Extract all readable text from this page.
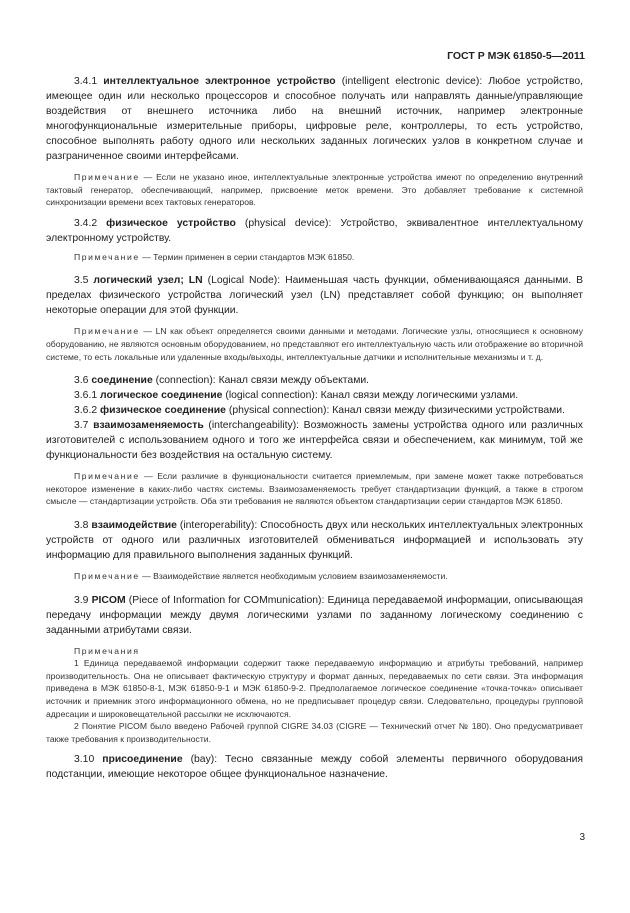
ГОСТ Р МЭК 61850-5—2011

3.4.1 интеллектуальное электронное устройство (intelligent electronic device): Любое устройство, имеющее один или несколько процессоров и способное получать или направлять данные/управляющие воздействия от внешнего источника либо на внешний источник, например электронные многофункциональные измерительные приборы, цифровые реле, контроллеры, то есть устройство, способное выполнять работу одного или нескольких заданных логических узлов в конкретном случае и разграниченное своими интерфейсами.

Примечание — Если не указано иное, интеллектуальные электронные устройства имеют по определению внутренний тактовый генератор, обеспечивающий, например, присвоение меток времени. Это добавляет требование к системной синхронизации времени всех тактовых генераторов.

3.4.2 физическое устройство (physical device): Устройство, эквивалентное интеллектуальному электронному устройству.

Примечание — Термин применен в серии стандартов МЭК 61850.

3.5 логический узел; LN (Logical Node): Наименьшая часть функции, обменивающаяся данными. В пределах физического устройства логический узел (LN) представляет собой функцию; он выполняет некоторые операции для этой функции.

Примечание — LN как объект определяется своими данными и методами. Логические узлы, относящиеся к основному оборудованию, не являются основным оборудованием, но представляют его интеллектуальную часть или отображение во вторичной системе, то есть локальные или удаленные входы/выходы, интеллектуальные датчики и исполнительные механизмы и т. д.

3.6 соединение (connection): Канал связи между объектами.

3.6.1 логическое соединение (logical connection): Канал связи между логическими узлами.

3.6.2 физическое соединение (physical connection): Канал связи между физическими устройствами.

3.7 взаимозаменяемость (interchangeability): Возможность замены устройства одного или различных изготовителей с использованием одного и того же интерфейса связи и обеспечением, как минимум, той же функциональности без воздействия на остальную систему.

Примечание — Если различие в функциональности считается приемлемым, при замене может также потребоваться некоторое изменение в каких-либо частях системы. Взаимозаменяемость требует стандартизации функций, а также в строгом смысле — стандартизации устройств. Оба эти требования не являются объектом стандартизации серии стандартов МЭК 61850.

3.8 взаимодействие (interoperability): Способность двух или нескольких интеллектуальных электронных устройств от одного или различных изготовителей обмениваться информацией и использовать эту информацию для правильного выполнения заданных функций.

Примечание — Взаимодействие является необходимым условием взаимозаменяемости.

3.9 PICOM (Piece of Information for COMmunication): Единица передаваемой информации, описывающая передачу информации между двумя логическими узлами по заданному логическому соединению с заданными атрибутами связи.

Примечания

1 Единица передаваемой информации содержит также передаваемую информацию и атрибуты требований, например производительность. Она не описывает фактическую структуру и формат данных, передаваемых по сети связи. Эта информация приведена в МЭК 61850-8-1, МЭК 61850-9-1 и МЭК 61850-9-2. Предполагаемое логическое соединение «точка-точка» описывает источник и приемник этого информационного обмена, но не предписывает процедур связи. Следовательно, процедуры групповой адресации и широковещательной рассылки не исключаются.

2 Понятие PICOM было введено Рабочей группой CIGRE 34.03 (CIGRE — Технический отчет № 180). Оно предусматривает также требования к производительности.

3.10 присоединение (bay): Тесно связанные между собой элементы первичного оборудования подстанции, имеющие некоторое общее функциональное назначение.

3
